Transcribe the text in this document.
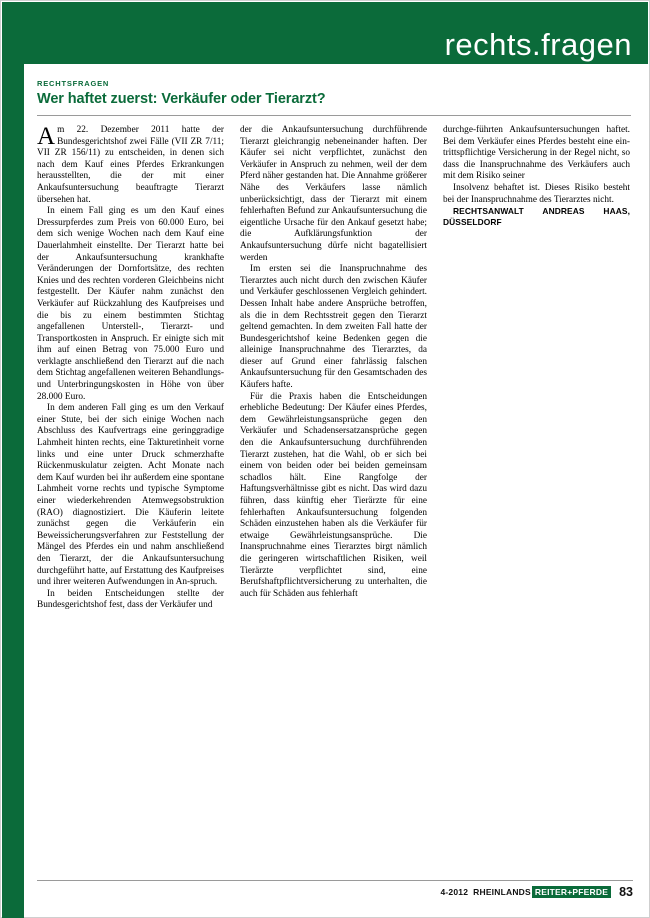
rechts.fragen
RECHTSFRAGEN
Wer haftet zuerst: Verkäufer oder Tierarzt?

Am 22. Dezember 2011 hatte der Bundesgerichtshof zwei Fälle (VII ZR 7/11; VII ZR 156/11) zu entscheiden, in denen sich nach dem Kauf eines Pferdes Erkrankungen herausstellten, die der mit einer Ankaufsuntersuchung beauftragte Tierarzt übersehen hat.

In einem Fall ging es um den Kauf eines Dressurpferdes zum Preis von 60.000 Euro, bei dem sich wenige Wochen nach dem Kauf eine Dauerlahmheit einstellte. Der Tierarzt hatte bei der Ankaufsuntersuchung krankhafte Veränderungen der Dornfortsätze, des rechten Knies und des rechten vorderen Gleichbeins nicht festgestellt. Der Käufer nahm zunächst den Verkäufer auf Rückzahlung des Kaufpreises und die bis zu einem bestimmten Stichtag angefallenen Unterstell-, Tierarzt- und Transportkosten in Anspruch. Er einigte sich mit ihm auf einen Betrag von 75.000 Euro und verklagte anschließend den Tierarzt auf die nach dem Stichtag angefallenen weiteren Behandlungs- und Unterbringungskosten in Höhe von über 28.000 Euro.

In dem anderen Fall ging es um den Verkauf einer Stute, bei der sich einige Wochen nach Abschluss des Kaufvertrags eine geringgradige Lahmheit hinten rechts, eine Takturetinheit vorne links und eine unter Druck schmerzhafte Rückenmuskulatur zeigten. Acht Monate nach dem Kauf wurden bei ihr außerdem eine spontane Lahmheit vorne rechts und typische Symptome einer wiederkehrenden Atemwegsobstruktion (RAO) diagnostiziert. Die Käuferin leitete zunächst gegen die Verkäuferin ein Beweissicherungsverfahren zur Feststellung der Mängel des Pferdes ein und nahm anschließend den Tierarzt, der die Ankaufsuntersuchung durchgeführt hatte, auf Erstattung des Kaufpreises und ihrer weiteren Aufwendungen in An-spruch.

In beiden Entscheidungen stellte der Bundesgerichtshof fest, dass der Verkäufer und

der die Ankaufsuntersuchung durchführende Tierarzt gleichrangig nebeneinander haften. Der Käufer sei nicht verpflichtet, zunächst den Verkäufer in Anspruch zu nehmen, weil der dem Pferd näher gestanden hat. Die Annahme größerer Nähe des Verkäufers lasse nämlich unberücksichtigt, dass der Tierarzt mit einem fehlerhaften Befund zur Ankaufsuntersuchung die eigentliche Ursache für den Ankauf gesetzt habe; die Aufklärungsfunktion der Ankaufsuntersuchung dürfe nicht bagatellisiert werden

Im ersten sei die Inanspruchnahme des Tierarztes auch nicht durch den zwischen Käufer und Verkäufer geschlossenen Vergleich gehindert. Dessen Inhalt habe andere Ansprüche betroffen, als die in dem Rechtsstreit gegen den Tierarzt geltend gemachten. In dem zweiten Fall hatte der Bundesgerichtshof keine Bedenken gegen die alleinige Inanspruchnahme des Tierarztes, da dieser auf Grund einer fahrlässig falschen Ankaufsuntersuchung für den Gesamtschaden des Käufers hafte.

Für die Praxis haben die Entscheidungen erhebliche Bedeutung: Der Käufer eines Pferdes, dem Gewährleistungsansprüche gegen den Verkäufer und Schadensersatzansprüche gegen den die Ankaufsuntersuchung durchführenden Tierarzt zustehen, hat die Wahl, ob er sich bei einem von beiden oder bei beiden gemeinsam schadlos hält. Eine Rangfolge der Haftungsverhältnisse gibt es nicht. Das wird dazu führen, dass künftig eher Tierärzte für eine fehlerhaften Ankaufsuntersuchung folgenden Schäden einzustehen haben als die Verkäufer für etwaige Gewährleistungsansprüche. Die Inanspruchnahme eines Tierarztes birgt nämlich die geringeren wirtschaftlichen Risiken, weil Tierärzte verpflichtet sind, eine Berufshaftpflichtversicherung zu unterhalten, die auch für Schäden aus fehlerhaft

durchge-führten Ankaufsuntersuchungen haftet. Bei dem Verkäufer eines Pferdes besteht eine ein-trittspflichtige Versicherung in der Regel nicht, so dass die Inanspruchnahme des Verkäufers auch mit dem Risiko seiner

Insolvenz behaftet ist. Dieses Risiko besteht bei der Inanspruchnahme des Tierarztes nicht.

RECHTSANWALT ANDREAS HAAS, DÜSSELDORF

4-2012 RHEINLANDS REITER+PFERDE 83
